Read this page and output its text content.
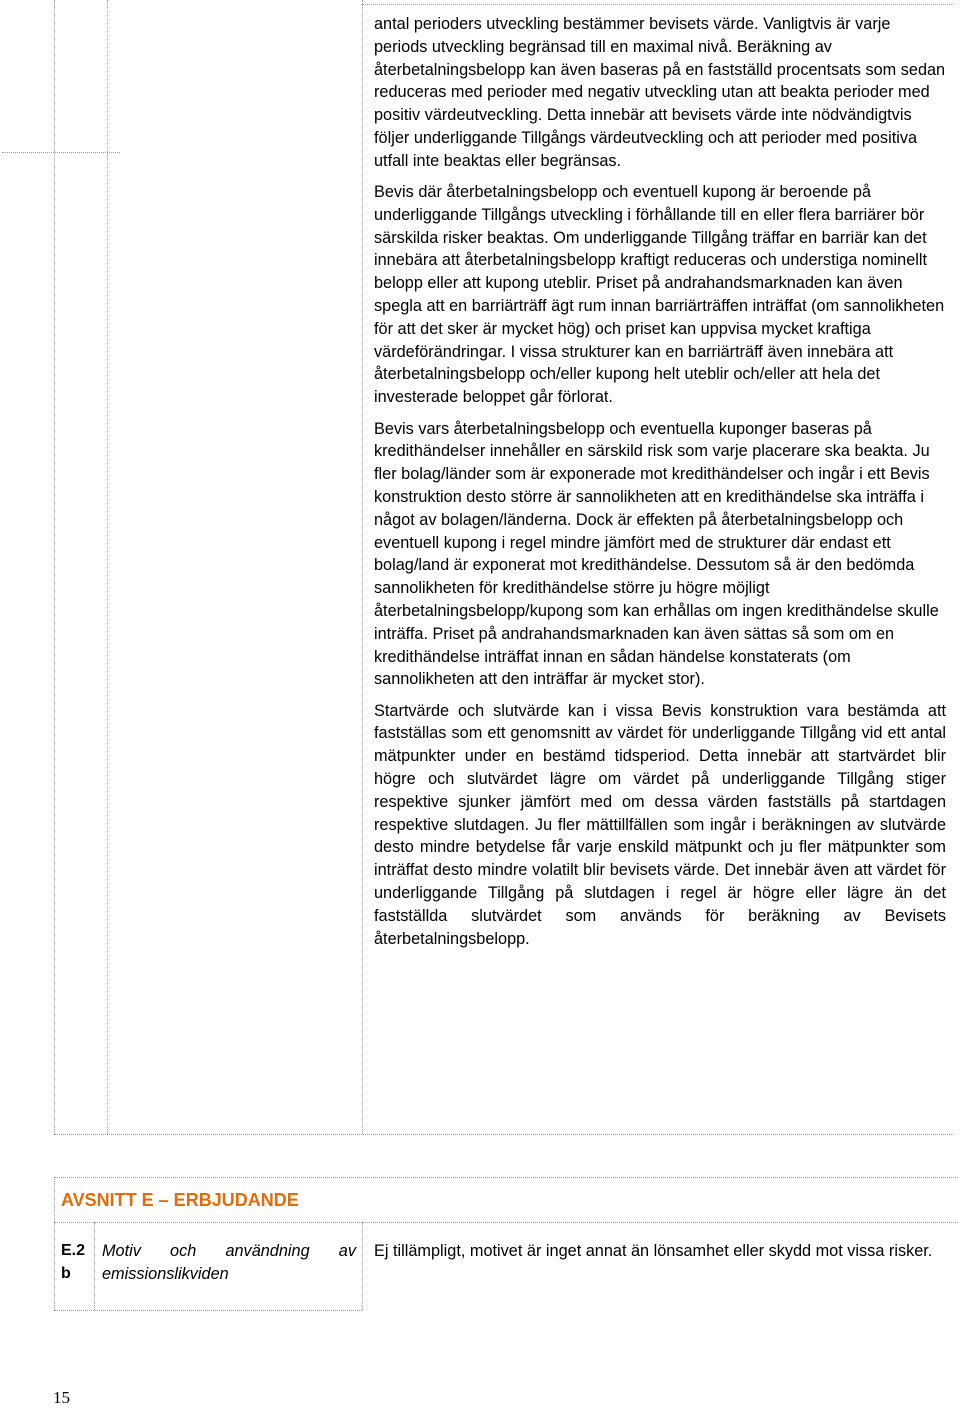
antal perioders utveckling bestämmer bevisets värde. Vanligtvis är varje periods utveckling begränsad till en maximal nivå. Beräkning av återbetalningsbelopp kan även baseras på en fastställd procentsats som sedan reduceras med perioder med negativ utveckling utan att beakta perioder med positiv värdeutveckling. Detta innebär att bevisets värde inte nödvändigtvis följer underliggande Tillgångs värdeutveckling och att perioder med positiva utfall inte beaktas eller begränsas.

Bevis där återbetalningsbelopp och eventuell kupong är beroende på underliggande Tillgångs utveckling i förhållande till en eller flera barriärer bör särskilda risker beaktas. Om underliggande Tillgång träffar en barriär kan det innebära att återbetalningsbelopp kraftigt reduceras och understiga nominellt belopp eller att kupong uteblir. Priset på andrahandsmarknaden kan även spegla att en barriärträff ägt rum innan barriärträffen inträffat (om sannolikheten för att det sker är mycket hög) och priset kan uppvisa mycket kraftiga värdeförändringar. I vissa strukturer kan en barriärträff även innebära att återbetalningsbelopp och/eller kupong helt uteblir och/eller att hela det investerade beloppet går förlorat.

Bevis vars återbetalningsbelopp och eventuella kuponger baseras på kredithändelser innehåller en särskild risk som varje placerare ska beakta. Ju fler bolag/länder som är exponerade mot kredithändelser och ingår i ett Bevis konstruktion desto större är sannolikheten att en kredithändelse ska inträffa i något av bolagen/länderna. Dock är effekten på återbetalningsbelopp och eventuell kupong i regel mindre jämfört med de strukturer där endast ett bolag/land är exponerat mot kredithändelse. Dessutom så är den bedömda sannolikheten för kredithändelse större ju högre möjligt återbetalningsbelopp/kupong som kan erhållas om ingen kredithändelse skulle inträffa. Priset på andrahandsmarknaden kan även sättas så som om en kredithändelse inträffat innan en sådan händelse konstaterats (om sannolikheten att den inträffar är mycket stor).

Startvärde och slutvärde kan i vissa Bevis konstruktion vara bestämda att fastställas som ett genomsnitt av värdet för underliggande Tillgång vid ett antal mätpunkter under en bestämd tidsperiod. Detta innebär att startvärdet blir högre och slutvärdet lägre om värdet på underliggande Tillgång stiger respektive sjunker jämfört med om dessa värden fastställs på startdagen respektive slutdagen. Ju fler mättillfällen som ingår i beräkningen av slutvärde desto mindre betydelse får varje enskild mätpunkt och ju fler mätpunkter som inträffat desto mindre volatilt blir bevisets värde. Det innebär även att värdet för underliggande Tillgång på slutdagen i regel är högre eller lägre än det fastställda slutvärdet som används för beräkning av Bevisets återbetalningsbelopp.

AVSNITT E – ERBJUDANDE
E.2 b
Motiv och användning av emissionslikviden
Ej tillämpligt, motivet är inget annat än lönsamhet eller skydd mot vissa risker.
15
